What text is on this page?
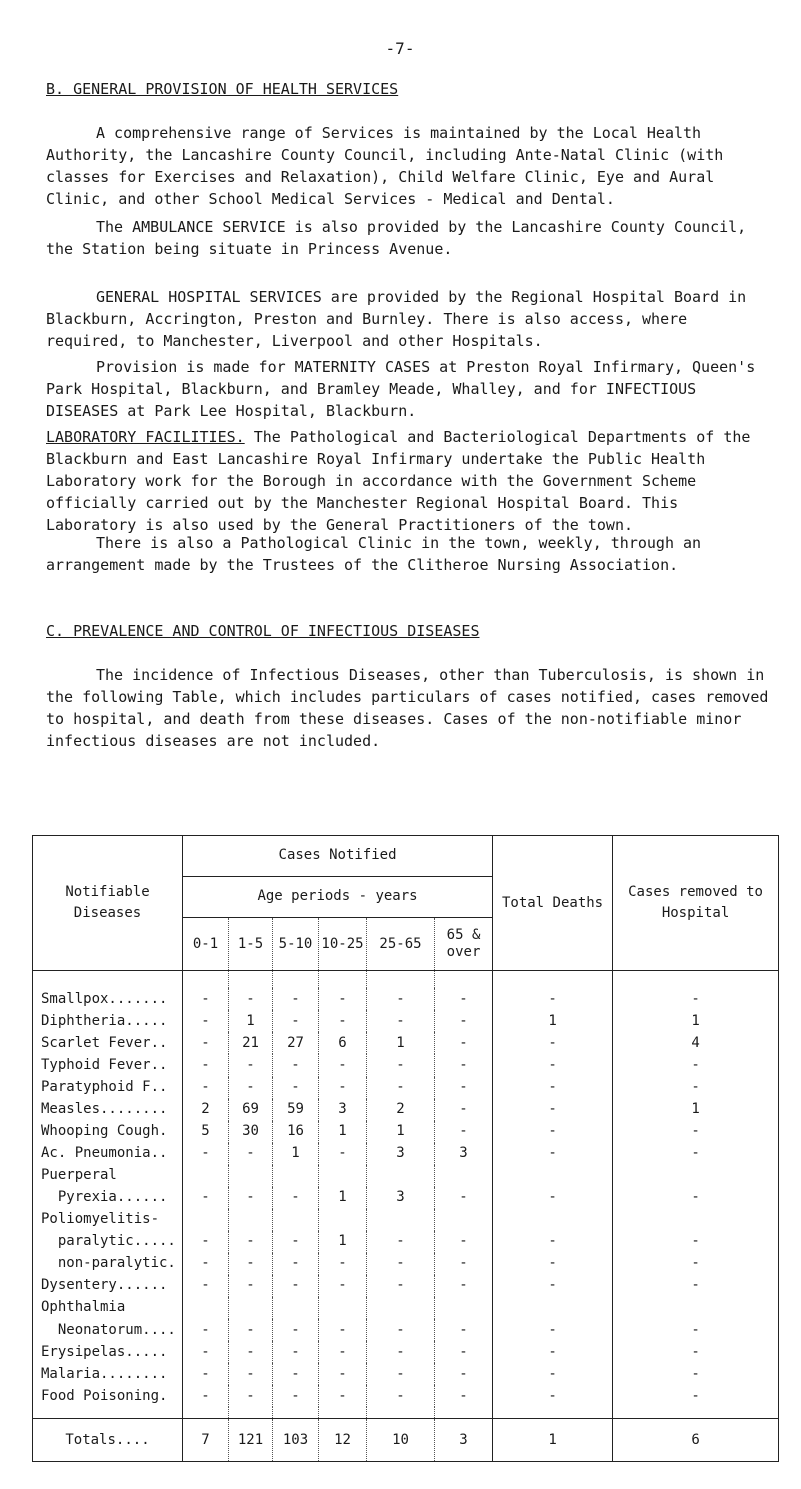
-7-
B. GENERAL PROVISION OF HEALTH SERVICES

A comprehensive range of Services is maintained by the Local Health Authority, the Lancashire County Council, including Ante-Natal Clinic (with classes for Exercises and Relaxation), Child Welfare Clinic, Eye and Aural Clinic, and other School Medical Services - Medical and Dental.

The AMBULANCE SERVICE is also provided by the Lancashire County Council, the Station being situate in Princess Avenue.

GENERAL HOSPITAL SERVICES are provided by the Regional Hospital Board in Blackburn, Accrington, Preston and Burnley. There is also access, where required, to Manchester, Liverpool and other Hospitals.

Provision is made for MATERNITY CASES at Preston Royal Infirmary, Queen's Park Hospital, Blackburn, and Bramley Meade, Whalley, and for INFECTIOUS DISEASES at Park Lee Hospital, Blackburn.

LABORATORY FACILITIES. The Pathological and Bacteriological Departments of the Blackburn and East Lancashire Royal Infirmary undertake the Public Health Laboratory work for the Borough in accordance with the Government Scheme officially carried out by the Manchester Regional Hospital Board. This Laboratory is also used by the General Practitioners of the town.

There is also a Pathological Clinic in the town, weekly, through an arrangement made by the Trustees of the Clitheroe Nursing Association.

C. PREVALENCE AND CONTROL OF INFECTIOUS DISEASES

The incidence of Infectious Diseases, other than Tuberculosis, is shown in the following Table, which includes particulars of cases notified, cases removed to hospital, and death from these diseases. Cases of the non-notifiable minor infectious diseases are not included.

Notifiable Diseases	Cases Notified						Total Deaths	Cases removed to Hospital
	Age periods - years							
	0-1	1-5	5-10	10-25	25-65	65 & over		

Smallpox.......	-	-	-	-	-	-	-	-
Diphtheria.....	-	1	-	-	-	-	1	1
Scarlet Fever..	-	21	27	6	1	-	-	4
Typhoid Fever..	-	-	-	-	-	-	-	-
Paratyphoid F..	-	-	-	-	-	-	-	-
Measles........	2	69	59	3	2	-	-	1
Whooping Cough.	5	30	16	1	1	-	-	-
Ac. Pneumonia..	-	-	1	-	3	3	-	-
Puerperal								
Pyrexia......	-	-	-	1	3	-	-	-
Poliomyelitis-								
paralytic.....	-	-	-	1	-	-	-	-
non-paralytic.	-	-	-	-	-	-	-	-
Dysentery......	-	-	-	-	-	-	-	-
Ophthalmia								
Neonatorum....	-	-	-	-	-	-	-	-
Erysipelas.....	-	-	-	-	-	-	-	-
Malaria........	-	-	-	-	-	-	-	-
Food Poisoning.	-	-	-	-	-	-	-	-

Totals....	7	121	103	12	10	3	1	6
